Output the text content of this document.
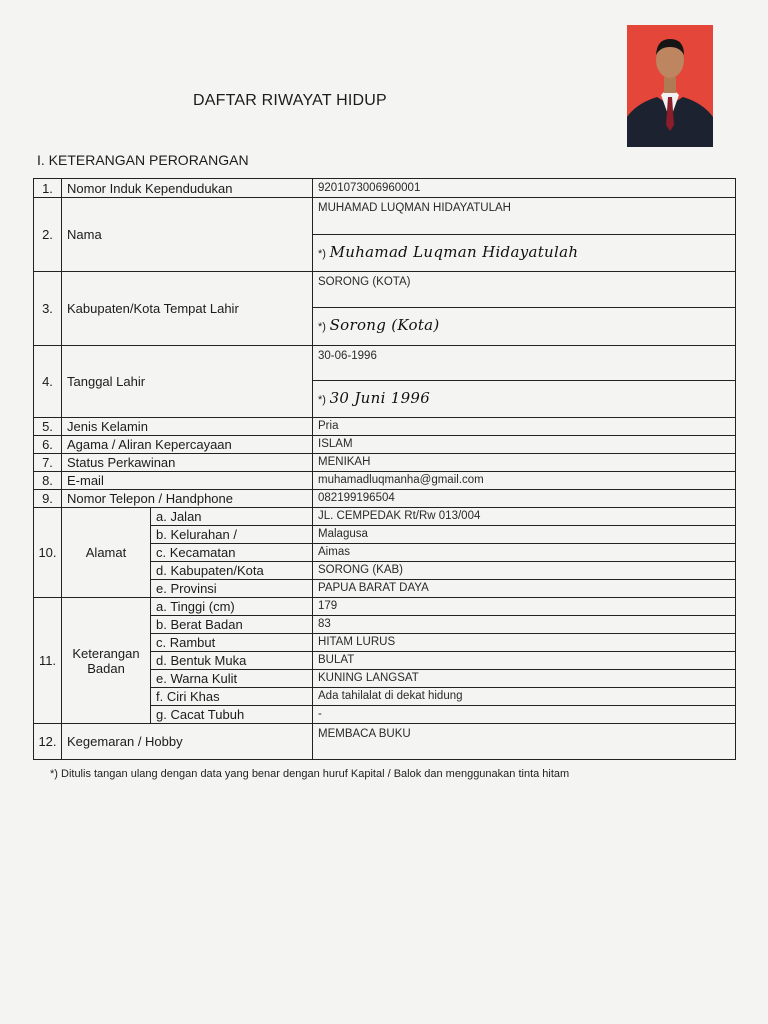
DAFTAR RIWAYAT HIDUP
I. KETERANGAN PERORANGAN
1.	Nomor Induk Kependudukan		9201073006960001
2.	Nama		MUHAMAD LUQMAN HIDAYATULAH
			*) Muhamad Luqman Hidayatulah
3.	Kabupaten/Kota Tempat Lahir		SORONG (KOTA)
			*) Sorong (Kota)
4.	Tanggal Lahir		30-06-1996
			*) 30 Juni 1996
5.	Jenis Kelamin		Pria
6.	Agama / Aliran Kepercayaan		ISLAM
7.	Status Perkawinan		MENIKAH
8.	E-mail		muhamadluqmanha@gmail.com
9.	Nomor Telepon / Handphone		082199196504
10.	Alamat	a. Jalan	JL. CEMPEDAK Rt/Rw 013/004
		b. Kelurahan /	Malagusa
		c. Kecamatan	Aimas
		d. Kabupaten/Kota	SORONG (KAB)
		e. Provinsi	PAPUA BARAT DAYA
11.	Keterangan Badan	a. Tinggi (cm)	179
		b. Berat Badan	83
		c. Rambut	HITAM LURUS
		d. Bentuk Muka	BULAT
		e. Warna Kulit	KUNING LANGSAT
		f. Ciri Khas	Ada tahilalat di dekat hidung
		g. Cacat Tubuh	-
12.	Kegemaran / Hobby		MEMBACA BUKU
*) Ditulis tangan ulang dengan data yang benar dengan huruf Kapital / Balok dan menggunakan tinta hitam
